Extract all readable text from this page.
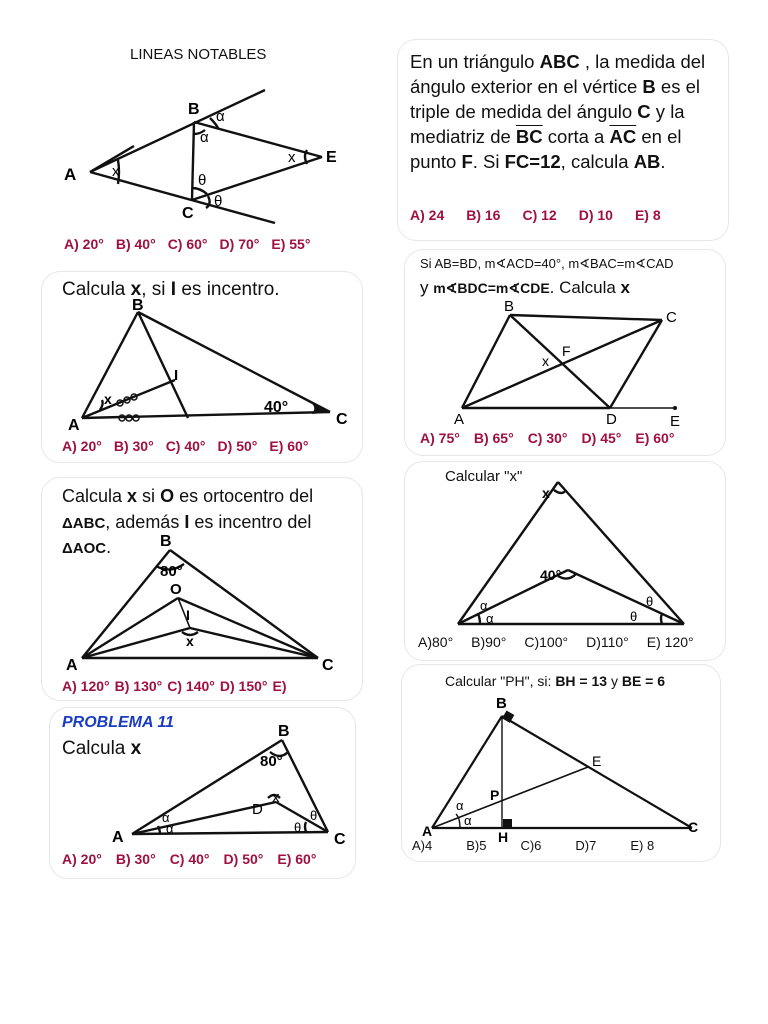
LINEAS NOTABLES
A
B
C
E
x
x
α
α
θ
θ
A) 20° B) 40° C) 60° D) 70° E) 55°
En un triángulo ABC , la medida del ángulo exterior en el vértice B es el triple de medida del ángulo C y la mediatriz de $\overline{BC}$ corta a $\overline{AC}$ en el punto F. Si FC=12, calcula AB.
A) 24 B) 16 C) 12 D) 10 E) 8
Calcula x, si I es incentro.
B
A	C
I
x	40°
A) 20° B) 30° C) 40° D) 50° E) 60°
Si AB=BD, m∢ACD=40°, m∢BAC=m∢CAD
y m∢BDC=m∢CDE. Calcula x
A
B
C
D	E
F
x
A) 75° B) 65° C) 30° D) 45° E) 60°
Calcula x si O es ortocentro del
ΔABC, además I es incentro del
ΔAOC.	B
80°
O
I
x
A	C
A) 120° B) 130° C) 140° D) 150° E)
Calcular "x"
x
40°
α
α
θ
θ
A)80° B)90° C)100° D)110° E) 120°
PROBLEMA 11
Calcula x
B
80°
D
x
A	C
α
α
θ
θ
A) 20° B) 30° C) 40° D) 50° E) 60°
Calcular "PH", si: BH = 13 y BE = 6
B
E
P
H
A	C
α
α
A)4	B)5	C)6	D)7	E) 8
